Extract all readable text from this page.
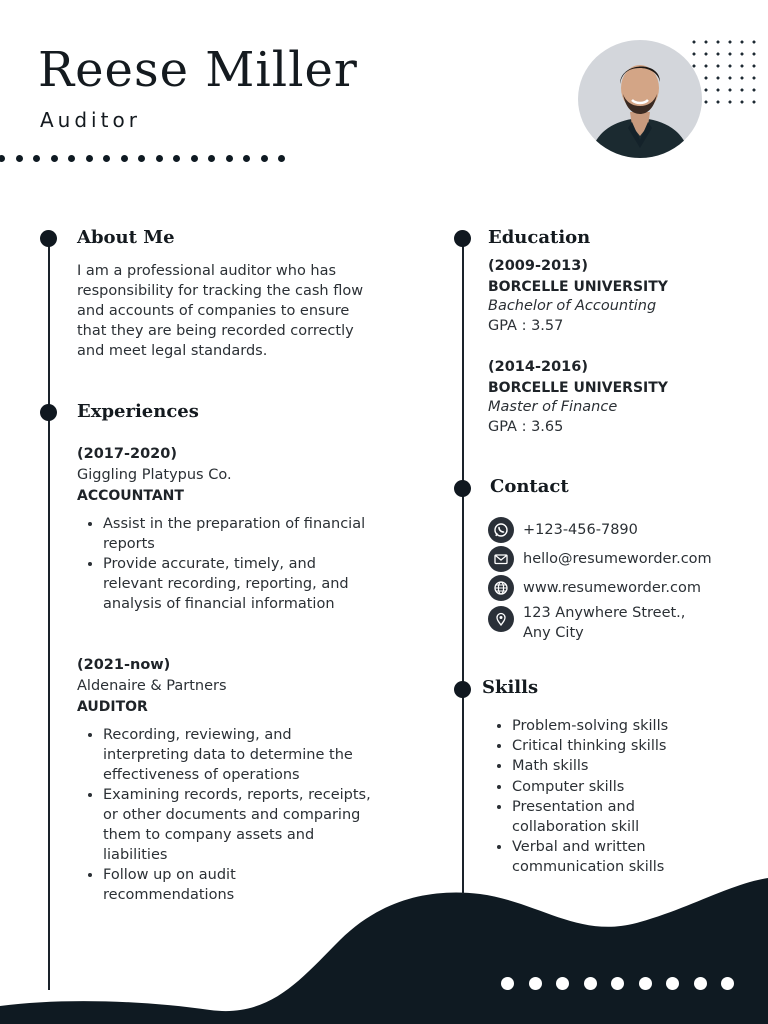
Reese Miller
Auditor
About Me
I am a professional auditor who has
responsibility for tracking the cash flow
and accounts of companies to ensure
that they are being recorded correctly
and meet legal standards.
Experiences
(2017-2020)
Giggling Platypus Co.
ACCOUNTANT
• Assist in the preparation of financial
reports
• Provide accurate, timely, and
relevant recording, reporting, and
analysis of financial information
(2021-now)
Aldenaire & Partners
AUDITOR
• Recording, reviewing, and
interpreting data to determine the
effectiveness of operations
• Examining records, reports, receipts,
or other documents and comparing
them to company assets and
liabilities
• Follow up on audit
recommendations
Education
(2009-2013)
BORCELLE UNIVERSITY
Bachelor of Accounting
GPA : 3.57
(2014-2016)
BORCELLE UNIVERSITY
Master of Finance
GPA : 3.65
Contact
+123-456-7890
hello@resumeworder.com
www.resumeworder.com
123 Anywhere Street.,
Any City
Skills
• Problem-solving skills
• Critical thinking skills
• Math skills
• Computer skills
• Presentation and
collaboration skill
• Verbal and written
communication skills
